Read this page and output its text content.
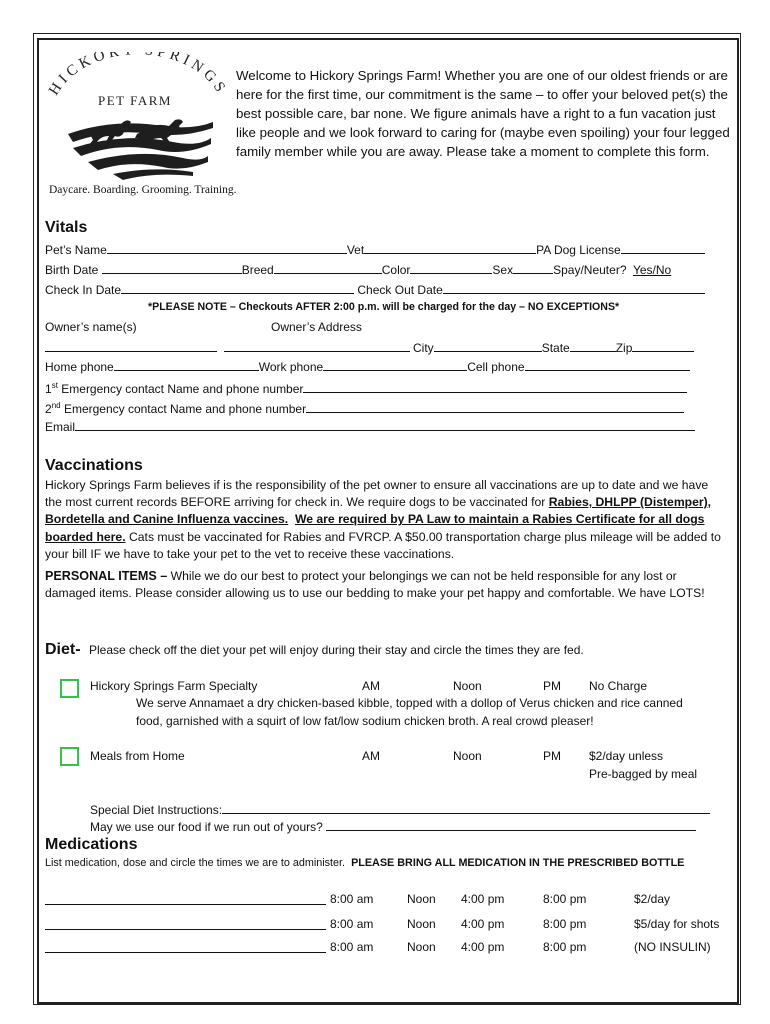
HICKOR PRINGS
PET FARM
Daycare. Boarding. Grooming. Training.
Welcome to Hickory Springs Farm! Whether you are one of our oldest friends or are here for the first time, our commitment is the same – to offer your beloved pet(s) the best possible care, bar none. We figure animals have a right to a fun vacation just like people and we look forward to caring for (maybe even spoiling) your four legged family member while you are away. Please take a moment to complete this form.
Vitals
Pet’s Name	Vet	PA Dog License
Birth Date	Breed	Color	Sex	Spay/Neuter? Yes/No
Check In Date	Check Out Date
*PLEASE NOTE – Checkouts AFTER 2:00 p.m. will be charged for the day – NO EXCEPTIONS*
Owner’s name(s)	Owner’s Address
City	State	Zip
Home phone	Work phone	Cell phone
1st Emergency contact Name and phone number
2nd Emergency contact Name and phone number
Email
Vaccinations
Hickory Springs Farm believes if is the responsibility of the pet owner to ensure all vaccinations are up to date and we have the most current records BEFORE arriving for check in. We require dogs to be vaccinated for Rabies, DHLPP (Distemper), Bordetella and Canine Influenza vaccines. We are required by PA Law to maintain a Rabies Certificate for all dogs boarded here. Cats must be vaccinated for Rabies and FVRCP. A $50.00 transportation charge plus mileage will be added to your bill IF we have to take your pet to the vet to receive these vaccinations.
PERSONAL ITEMS – While we do our best to protect your belongings we can not be held responsible for any lost or damaged items. Please consider allowing us to use our bedding to make your pet happy and comfortable. We have LOTS!
Diet- Please check off the diet your pet will enjoy during their stay and circle the times they are fed.
Hickory Springs Farm Specialty	AM	Noon	PM No Charge
We serve Annamaet a dry chicken-based kibble, topped with a dollop of Verus chicken and rice canned
food, garnished with a squirt of low fat/low sodium chicken broth. A real crowd pleaser!
Meals from Home	AM	Noon	PM $2/day unless
Pre-bagged by meal
Special Diet Instructions:
May we use our food if we run out of yours?
Medications
List medication, dose and circle the times we are to administer. PLEASE BRING ALL MEDICATION IN THE PRESCRIBED BOTTLE
8:00 am	Noon 4:00 pm	8:00 pm	$2/day
8:00 am	Noon 4:00 pm	8:00 pm	$5/day for shots
8:00 am	Noon 4:00 pm	8:00 pm	(NO INSULIN)
